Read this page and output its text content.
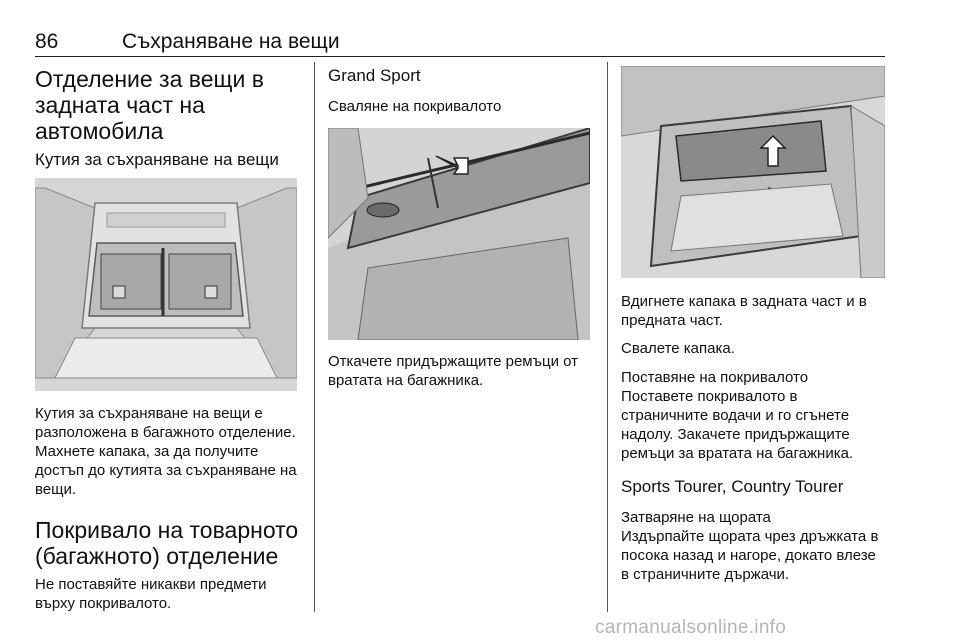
86	Съхраняване на вещи
Отделение за вещи в задната част на автомобила
Кутия за съхраняване на вещи

Кутия за съхраняване на вещи е разположена в багажното отделение. Махнете капака, за да получите достъп до кутията за съхраняване на вещи.

Покривало на товарното (багажното) отделение

Не поставяйте никакви предмети върху покривалото.

Grand Sport
Сваляне на покривалото

Откачете придържащите ремъци от вратата на багажника.

Вдигнете капака в задната част и в предната част.

Свалете капака.

Поставяне на покривалото

Поставете покривалото в страничните водачи и го сгънете надолу. Закачете придържащите ремъци за вратата на багажника.

Sports Tourer, Country Tourer
Затваряне на щората

Издърпайте щората чрез дръжката в посока назад и нагоре, докато влезе в страничните държачи.

carmanualsonline.info
